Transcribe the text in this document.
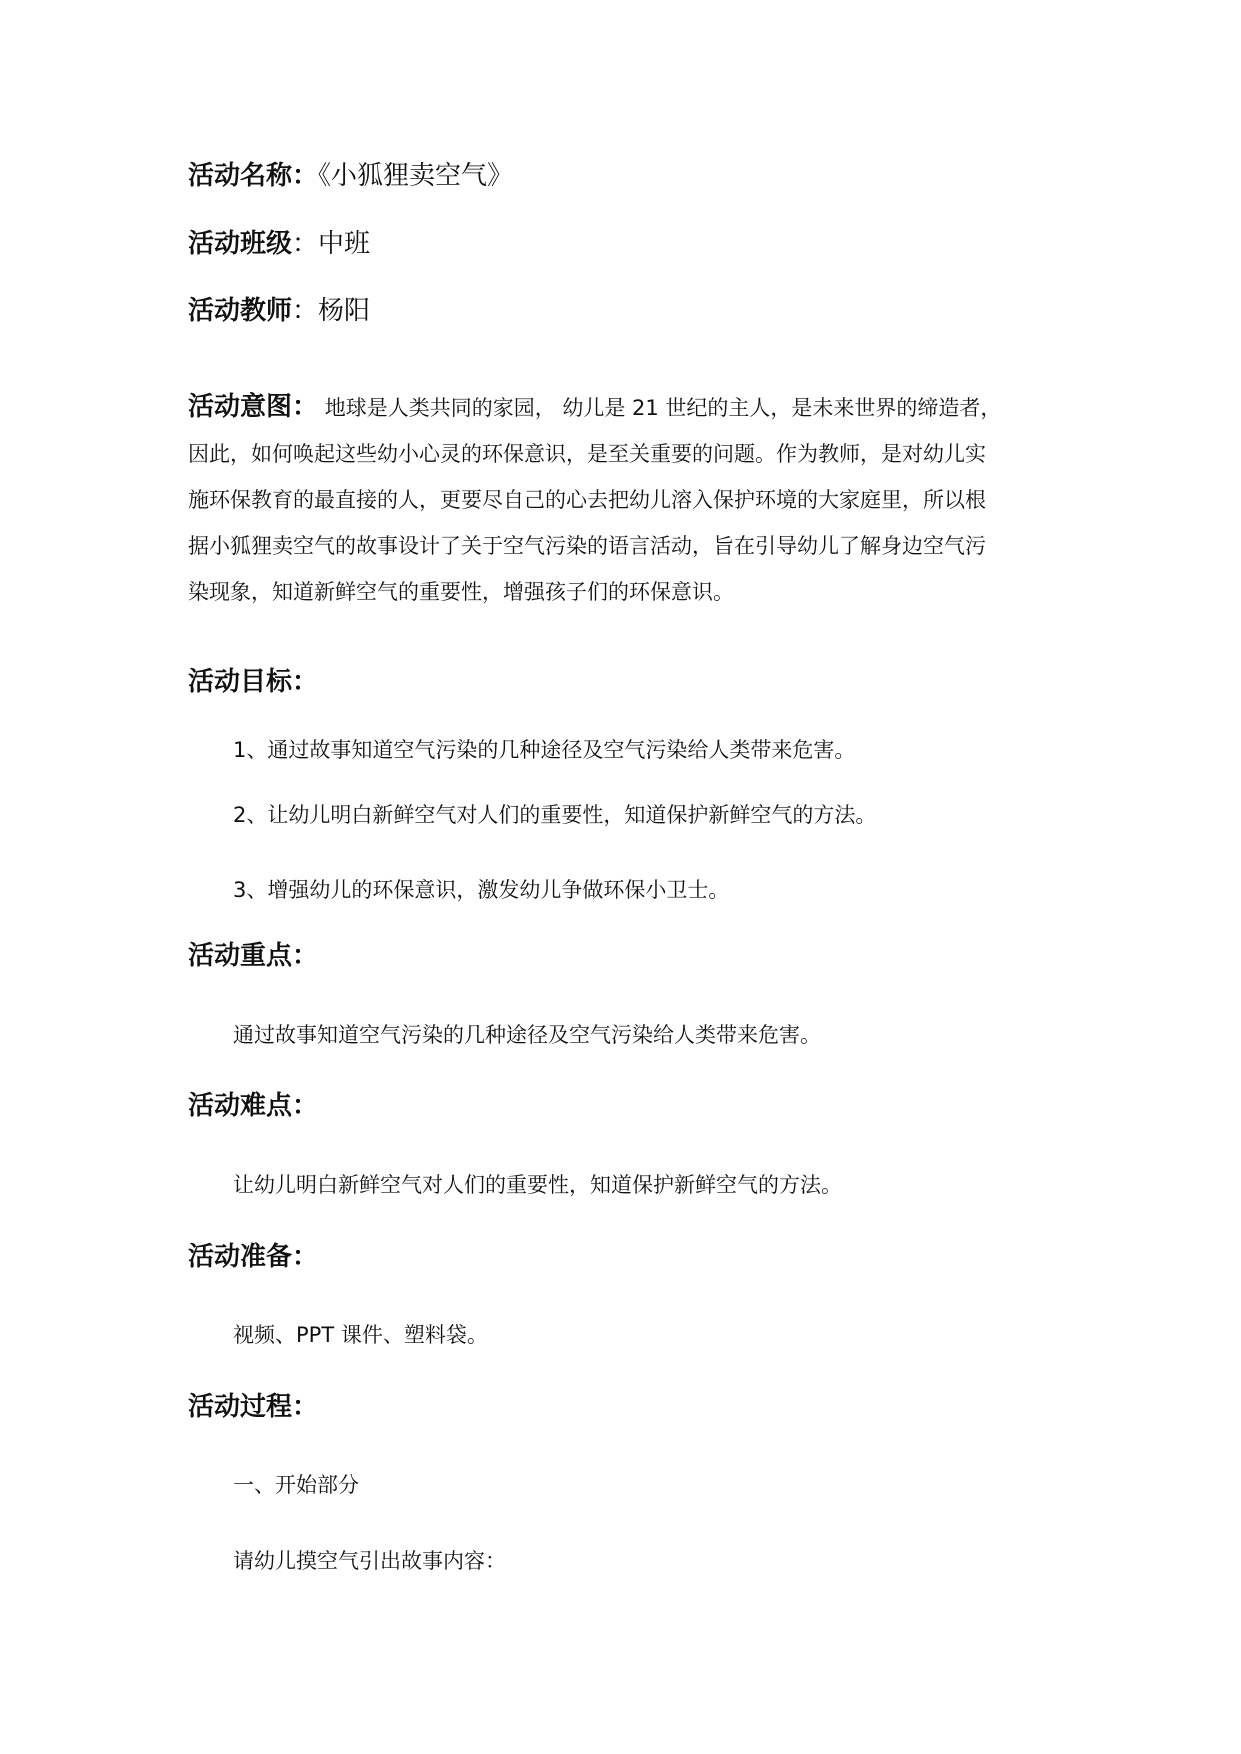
活动名称：《小狐狸卖空气》
活动班级：中班
活动教师：杨阳

活动意图： 地球是人类共同的家园， 幼儿是 21 世纪的主人，是未来世界的缔造者，

因此，如何唤起这些幼小心灵的环保意识，是至关重要的问题。作为教师，是对幼儿实

施环保教育的最直接的人，更要尽自己的心去把幼儿溶入保护环境的大家庭里，所以根

据小狐狸卖空气的故事设计了关于空气污染的语言活动，旨在引导幼儿了解身边空气污

染现象，知道新鲜空气的重要性，增强孩子们的环保意识。

活动目标：
1、通过故事知道空气污染的几种途径及空气污染给人类带来危害。
2、让幼儿明白新鲜空气对人们的重要性，知道保护新鲜空气的方法。
3、增强幼儿的环保意识，激发幼儿争做环保小卫士。
活动重点：
通过故事知道空气污染的几种途径及空气污染给人类带来危害。
活动难点：
让幼儿明白新鲜空气对人们的重要性，知道保护新鲜空气的方法。
活动准备：
视频、PPT 课件、塑料袋。
活动过程：
一、开始部分
请幼儿摸空气引出故事内容：
